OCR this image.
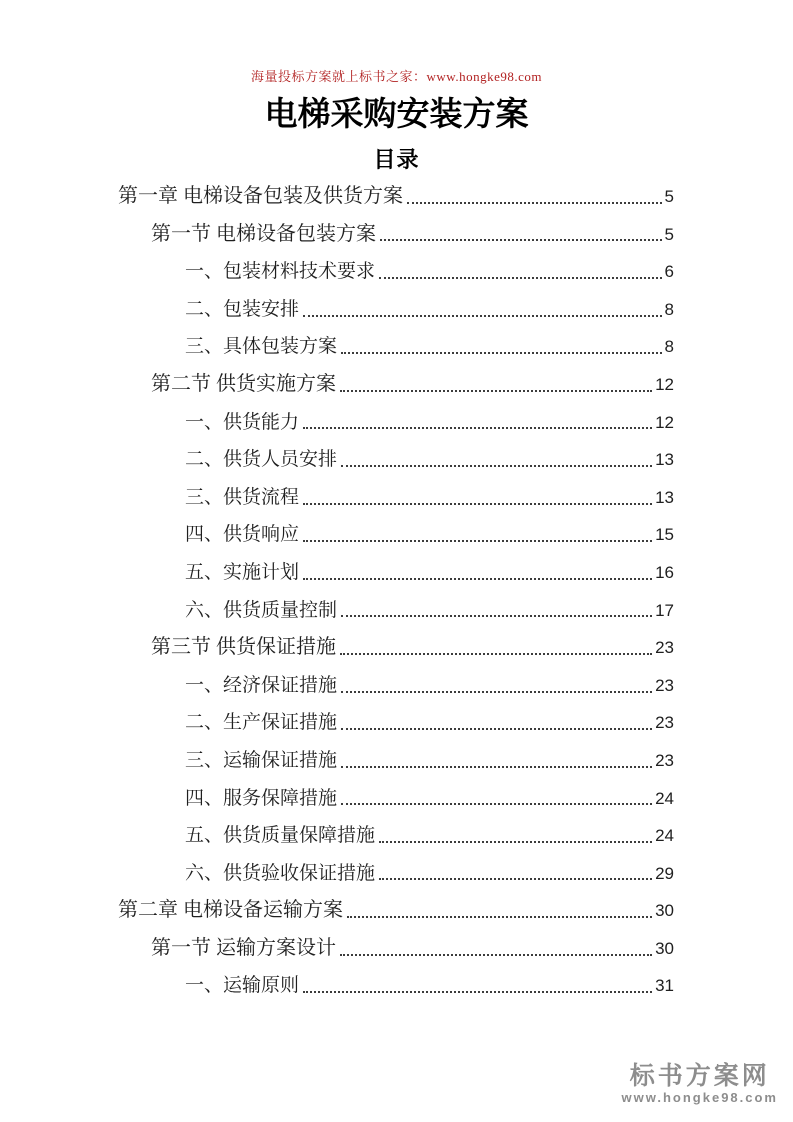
海量投标方案就上标书之家：www.hongke98.com
电梯采购安装方案
目录
第一章 电梯设备包装及供货方案	5
第一节 电梯设备包装方案	5
一、包装材料技术要求	6
二、包装安排	8
三、具体包装方案	8
第二节 供货实施方案	12
一、供货能力	12
二、供货人员安排	13
三、供货流程	13
四、供货响应	15
五、实施计划	16
六、供货质量控制	17
第三节 供货保证措施	23
一、经济保证措施	23
二、生产保证措施	23
三、运输保证措施	23
四、服务保障措施	24
五、供货质量保障措施	24
六、供货验收保证措施	29
第二章 电梯设备运输方案	30
第一节 运输方案设计	30
一、运输原则	31
标书方案网
www.hongke98.com
